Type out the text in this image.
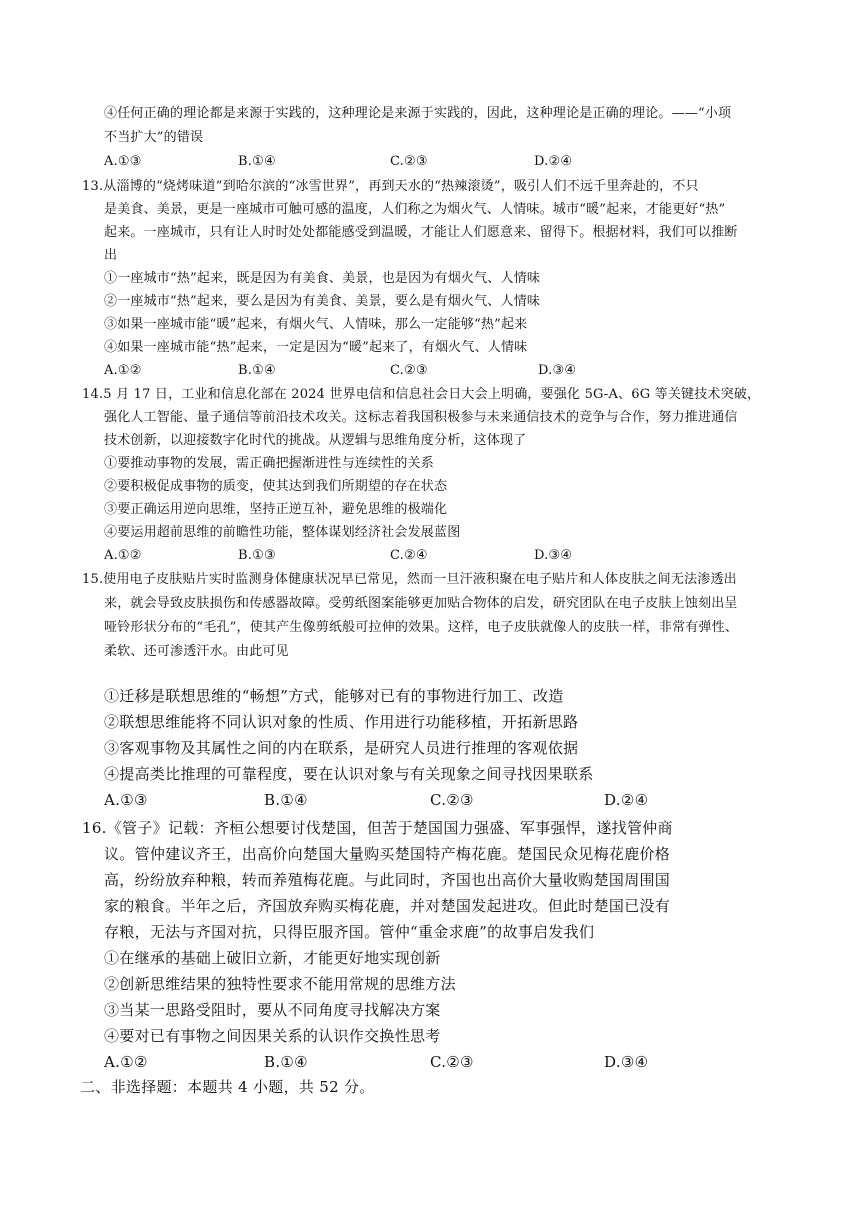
④任何正确的理论都是来源于实践的，这种理论是来源于实践的，因此，这种理论是正确的理论。——“小项
不当扩大”的错误
A.①③	B.①④	C.②③	D.②④
13.从淄博的“烧烤味道”到哈尔滨的“冰雪世界”，再到天水的“热辣滚烫”，吸引人们不远千里奔赴的，不只
是美食、美景，更是一座城市可触可感的温度，人们称之为烟火气、人情味。城市“暖”起来，才能更好“热”
起来。一座城市，只有让人时时处处都能感受到温暖，才能让人们愿意来、留得下。根据材料，我们可以推断
出
①一座城市“热”起来，既是因为有美食、美景，也是因为有烟火气、人情味
②一座城市“热”起来，要么是因为有美食、美景，要么是有烟火气、人情味
③如果一座城市能“暖”起来，有烟火气、人情味，那么一定能够“热”起来
④如果一座城市能“热”起来，一定是因为“暖”起来了，有烟火气、人情味
A.①②	B.①④	C.②③	D.③④
14.5 月 17 日，工业和信息化部在 2024 世界电信和信息社会日大会上明确，要强化 5G-A、6G 等关键技术突破，
强化人工智能、量子通信等前沿技术攻关。这标志着我国积极参与未来通信技术的竞争与合作，努力推进通信
技术创新，以迎接数字化时代的挑战。从逻辑与思维角度分析，这体现了
①要推动事物的发展，需正确把握渐进性与连续性的关系
②要积极促成事物的质变，使其达到我们所期望的存在状态
③要正确运用逆向思维，坚持正逆互补，避免思维的极端化
④要运用超前思维的前瞻性功能，整体谋划经济社会发展蓝图
A.①②	B.①③	C.②④	D.③④
15.使用电子皮肤贴片实时监测身体健康状况早已常见，然而一旦汗液积聚在电子贴片和人体皮肤之间无法渗透出
来，就会导致皮肤损伤和传感器故障。受剪纸图案能够更加贴合物体的启发，研究团队在电子皮肤上蚀刻出呈
哑铃形状分布的“毛孔”，使其产生像剪纸般可拉伸的效果。这样，电子皮肤就像人的皮肤一样，非常有弹性、
柔软、还可渗透汗水。由此可见
①迁移是联想思维的“畅想”方式，能够对已有的事物进行加工、改造
②联想思维能将不同认识对象的性质、作用进行功能移植，开拓新思路
③客观事物及其属性之间的内在联系，是研究人员进行推理的客观依据
④提高类比推理的可靠程度，要在认识对象与有关现象之间寻找因果联系
A.①③	B.①④	C.②③	D.②④
16.《管子》记载：齐桓公想要讨伐楚国，但苦于楚国国力强盛、军事强悍，遂找管仲商
议。管仲建议齐王，出高价向楚国大量购买楚国特产梅花鹿。楚国民众见梅花鹿价格
高，纷纷放弃种粮，转而养殖梅花鹿。与此同时，齐国也出高价大量收购楚国周围国
家的粮食。半年之后，齐国放弃购买梅花鹿，并对楚国发起进攻。但此时楚国已没有
存粮，无法与齐国对抗，只得臣服齐国。管仲“重金求鹿”的故事启发我们
①在继承的基础上破旧立新，才能更好地实现创新
②创新思维结果的独特性要求不能用常规的思维方法
③当某一思路受阻时，要从不同角度寻找解决方案
④要对已有事物之间因果关系的认识作交换性思考
A.①②	B.①④	C.②③	D.③④
二、非选择题：本题共 4 小题，共 52 分。
